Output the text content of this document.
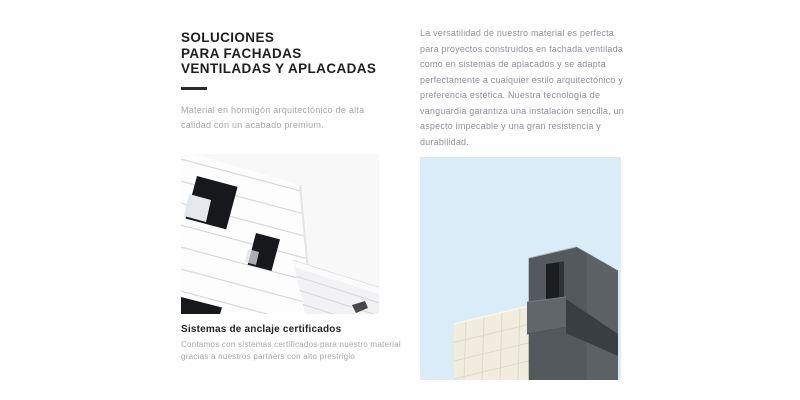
SOLUCIONES
PARA FACHADAS
VENTILADAS Y APLACADAS
Material en hormigón arquitectónico de alta
calidad con un acabado premium.
Sistemas de anclaje certificados
Contamos con sistemas certificados para nuestro material
gracias a nuestros partners con alto prestrigio
La versatilidad de nuestro material es perfecta
para proyectos construidos en fachada ventilada
como en sistemas de aplacados y se adapta
perfectamente a cualquier estilo arquitectónico y
preferencia estética. Nuestra tecnología de
vanguardia garantiza una instalación sencilla, un
aspecto impecable y una gran resistencia y
durabilidad.
